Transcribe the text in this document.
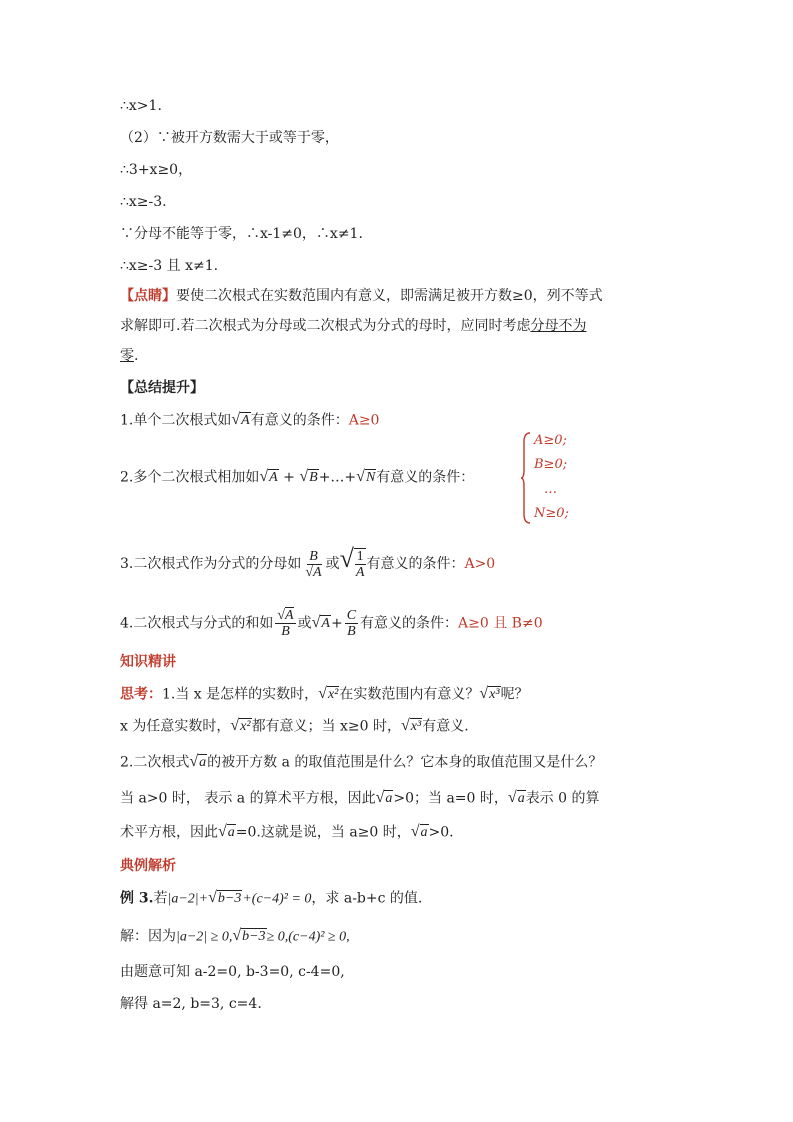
∴x>1.
（2）∵被开方数需大于或等于零，
∴3+x≥0，
∴x≥-3.
∵分母不能等于零，∴x-1≠0，∴x≠1.
∴x≥-3 且 x≠1.
【点睛】要使二次根式在实数范围内有意义，即需满足被开方数≥0，列不等式
求解即可.若二次根式为分母或二次根式为分式的母时，应同时考虑分母不为
零.
【总结提升】
1.单个二次根式如√A有意义的条件：A≥0
2.多个二次根式相加如√A + √B+…+√N有意义的条件：
A≥0;
B≥0;
…
N≥0;
3.二次根式作为分式的分母如 $\frac{B}{√A}$ 或√ $\frac{1}{A}$ 有意义的条件：A>0
4.二次根式与分式的和如 $\frac{√A}{B}$ 或$√A+ \frac{C}{B}$ 有意义的条件：A≥0 且 B≠0
知识精讲
思考：1.当 x 是怎样的实数时，√x²在实数范围内有意义？√x³呢？
x 为任意实数时，√x²都有意义；当 x≥0 时，√x³有意义.
2.二次根式√a的被开方数 a 的取值范围是什么？它本身的取值范围又是什么？
当 a>0 时， 表示 a 的算术平方根，因此√a>0；当 a=0 时，√a表示 0 的算
术平方根，因此√a=0.这就是说，当 a≥0 时，√a>0.
典例解析
例 3.若|a−2|+√b−3+(c−4)² = 0，求 a-b+c 的值.
解：因为|a−2| ≥ 0,√b−3≥ 0,(c−4)² ≥ 0,
由题意可知 a-2=0, b-3=0, c-4=0,
解得 a=2, b=3, c=4.
